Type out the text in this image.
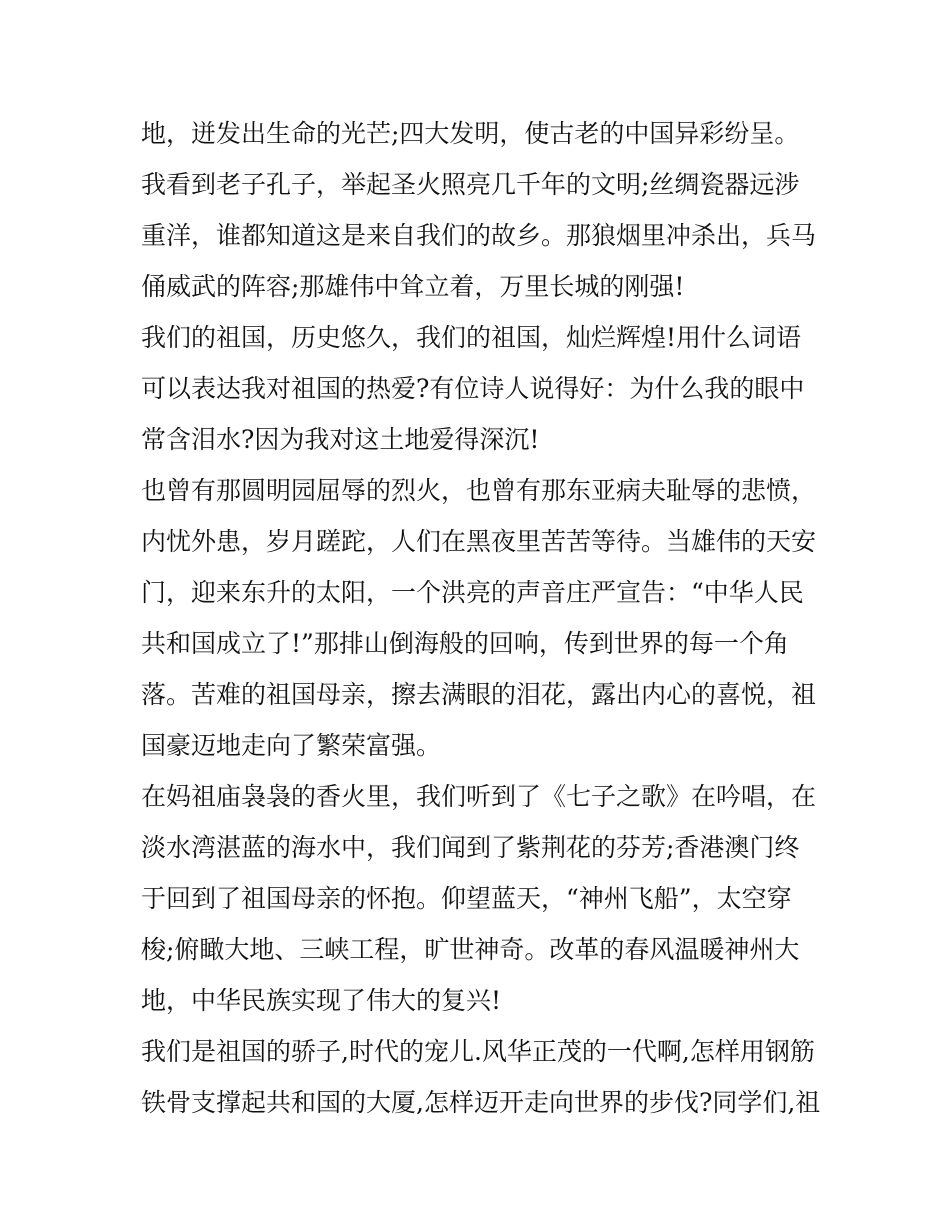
地，迸发出生命的光芒;四大发明，使古老的中国异彩纷呈。
我看到老子孔子，举起圣火照亮几千年的文明;丝绸瓷器远涉
重洋，谁都知道这是来自我们的故乡。那狼烟里冲杀出，兵马
俑威武的阵容;那雄伟中耸立着，万里长城的刚强!
我们的祖国，历史悠久，我们的祖国，灿烂辉煌!用什么词语
可以表达我对祖国的热爱?有位诗人说得好：为什么我的眼中
常含泪水?因为我对这土地爱得深沉!
也曾有那圆明园屈辱的烈火，也曾有那东亚病夫耻辱的悲愤，
内忧外患，岁月蹉跎，人们在黑夜里苦苦等待。当雄伟的天安
门，迎来东升的太阳，一个洪亮的声音庄严宣告：“中华人民
共和国成立了!”那排山倒海般的回响，传到世界的每一个角
落。苦难的祖国母亲，擦去满眼的泪花，露出内心的喜悦，祖
国豪迈地走向了繁荣富强。
在妈祖庙袅袅的香火里，我们听到了《七子之歌》在吟唱，在
淡水湾湛蓝的海水中，我们闻到了紫荆花的芬芳;香港澳门终
于回到了祖国母亲的怀抱。仰望蓝天，“神州飞船”，太空穿
梭;俯瞰大地、三峡工程，旷世神奇。改革的春风温暖神州大
地，中华民族实现了伟大的复兴!
我们是祖国的骄子,时代的宠儿.风华正茂的一代啊,怎样用钢筋
铁骨支撑起共和国的大厦,怎样迈开走向世界的步伐?同学们,祖
